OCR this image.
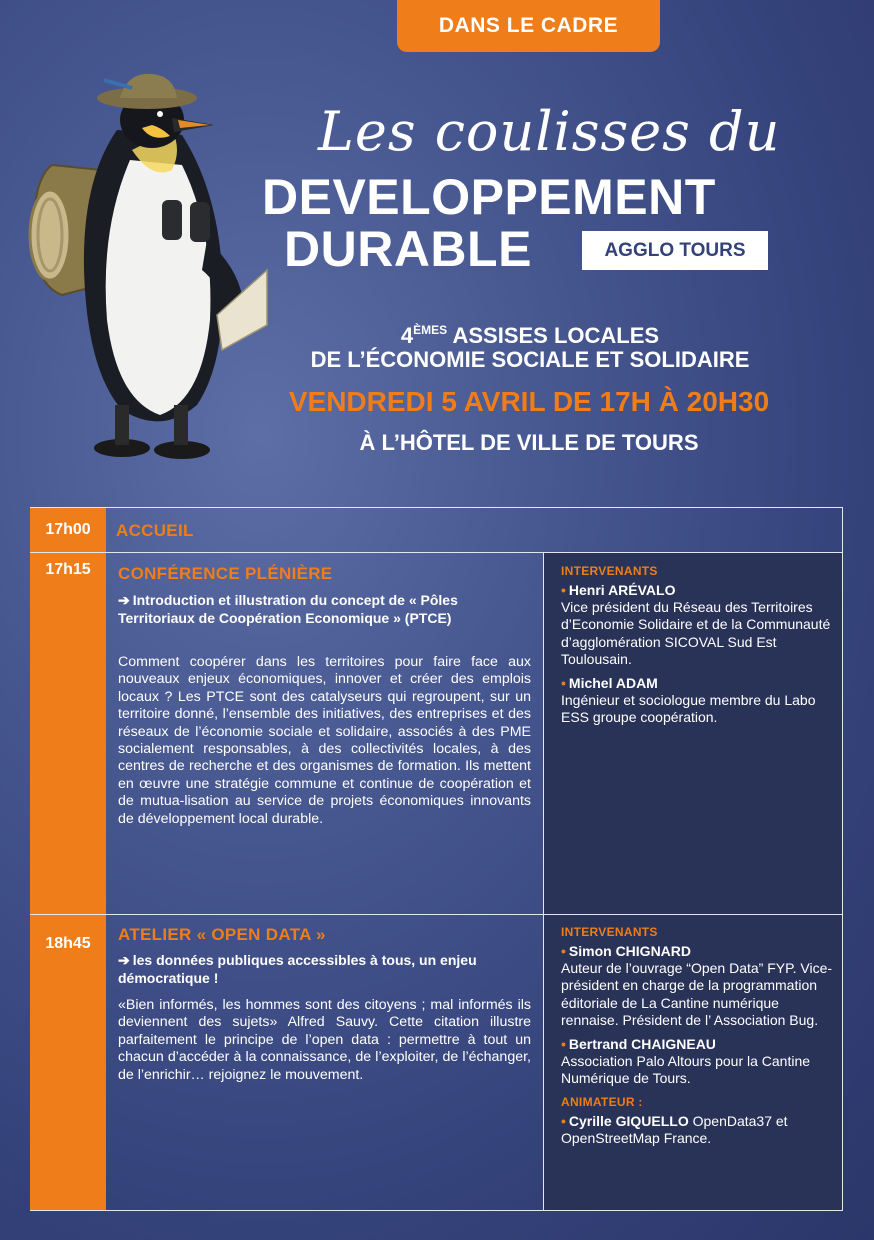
DANS LE CADRE
Les coulisses du
DEVELOPPEMENT
DURABLE	AGGLO TOURS
4ÈMES ASSISES LOCALES
DE L’ÉCONOMIE SOCIALE ET SOLIDAIRE
VENDREDI 5 AVRIL DE 17H À 20H30
À L’HÔTEL DE VILLE DE TOURS
17h00	ACCUEIL
17h15	CONFÉRENCE PLÉNIÈRE
➔ Introduction et illustration du concept de « Pôles Territoriaux de Coopération Economique » (PTCE)
Comment coopérer dans les territoires pour faire face aux nouveaux enjeux économiques, innover et créer des emplois locaux ? Les PTCE sont des catalyseurs qui regroupent, sur un territoire donné, l’ensemble des initiatives, des entreprises et des réseaux de l’économie sociale et solidaire, associés à des PME socialement responsables, à des collectivités locales, à des centres de recherche et des organismes de formation. Ils mettent en œuvre une stratégie commune et continue de coopération et de mutua-lisation au service de projets économiques innovants de développement local durable.
INTERVENANTS
• Henri ARÉVALO
Vice président du Réseau des Territoires d’Economie Solidaire et de la Communauté d’agglomération SICOVAL Sud Est Toulousain.
• Michel ADAM
Ingénieur et sociologue membre du Labo ESS groupe coopération.
18h45	ATELIER « OPEN DATA »
➔ les données publiques accessibles à tous, un enjeu démocratique !
«Bien informés, les hommes sont des citoyens ; mal informés ils deviennent des sujets» Alfred Sauvy. Cette citation illustre parfaitement le principe de l’open data : permettre à tout un chacun d’accéder à la connaissance, de l’exploiter, de l’échanger, de l’enrichir… rejoignez le mouvement.
INTERVENANTS
• Simon CHIGNARD
Auteur de l’ouvrage “Open Data” FYP. Vice-président en charge de la programmation éditoriale de La Cantine numérique rennaise. Président de l’ Association Bug.
• Bertrand CHAIGNEAU
Association Palo Altours pour la Cantine Numérique de Tours.
ANIMATEUR :
• Cyrille GIQUELLO OpenData37 et OpenStreetMap France.
